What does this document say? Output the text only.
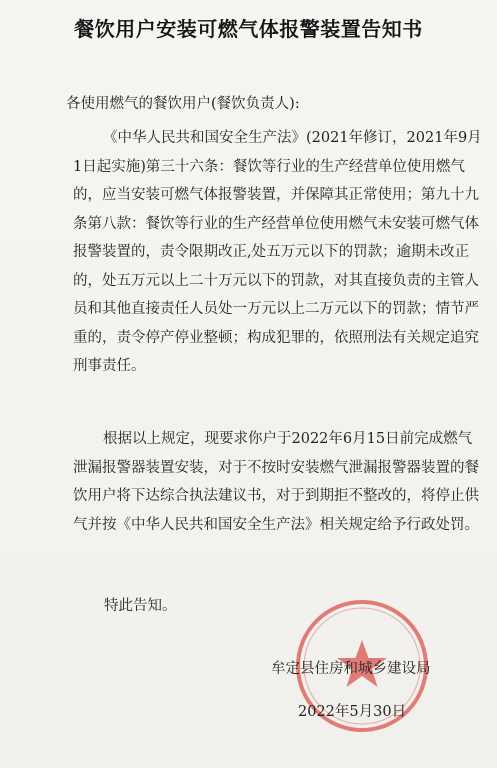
餐饮用户安装可燃气体报警装置告知书
各使用燃气的餐饮用户(餐饮负责人):
《中华人民共和国安全生产法》(2021年修订，2021年9月1日起实施)第三十六条：餐饮等行业的生产经营单位使用燃气的，应当安装可燃气体报警装置，并保障其正常使用；第九十九条第八款：餐饮等行业的生产经营单位使用燃气未安装可燃气体报警装置的，责令限期改正,处五万元以下的罚款；逾期未改正的，处五万元以上二十万元以下的罚款，对其直接负责的主管人员和其他直接责任人员处一万元以上二万元以下的罚款；情节严重的，责令停产停业整顿；构成犯罪的，依照刑法有关规定追究刑事责任。
根据以上规定，现要求你户于2022年6月15日前完成燃气泄漏报警器装置安装，对于不按时安装燃气泄漏报警器装置的餐饮用户将下达综合执法建议书，对于到期拒不整改的，将停止供气并按《中华人民共和国安全生产法》相关规定给予行政处罚。
特此告知。
牟定县住房和城乡建设局
2022年5月30日
